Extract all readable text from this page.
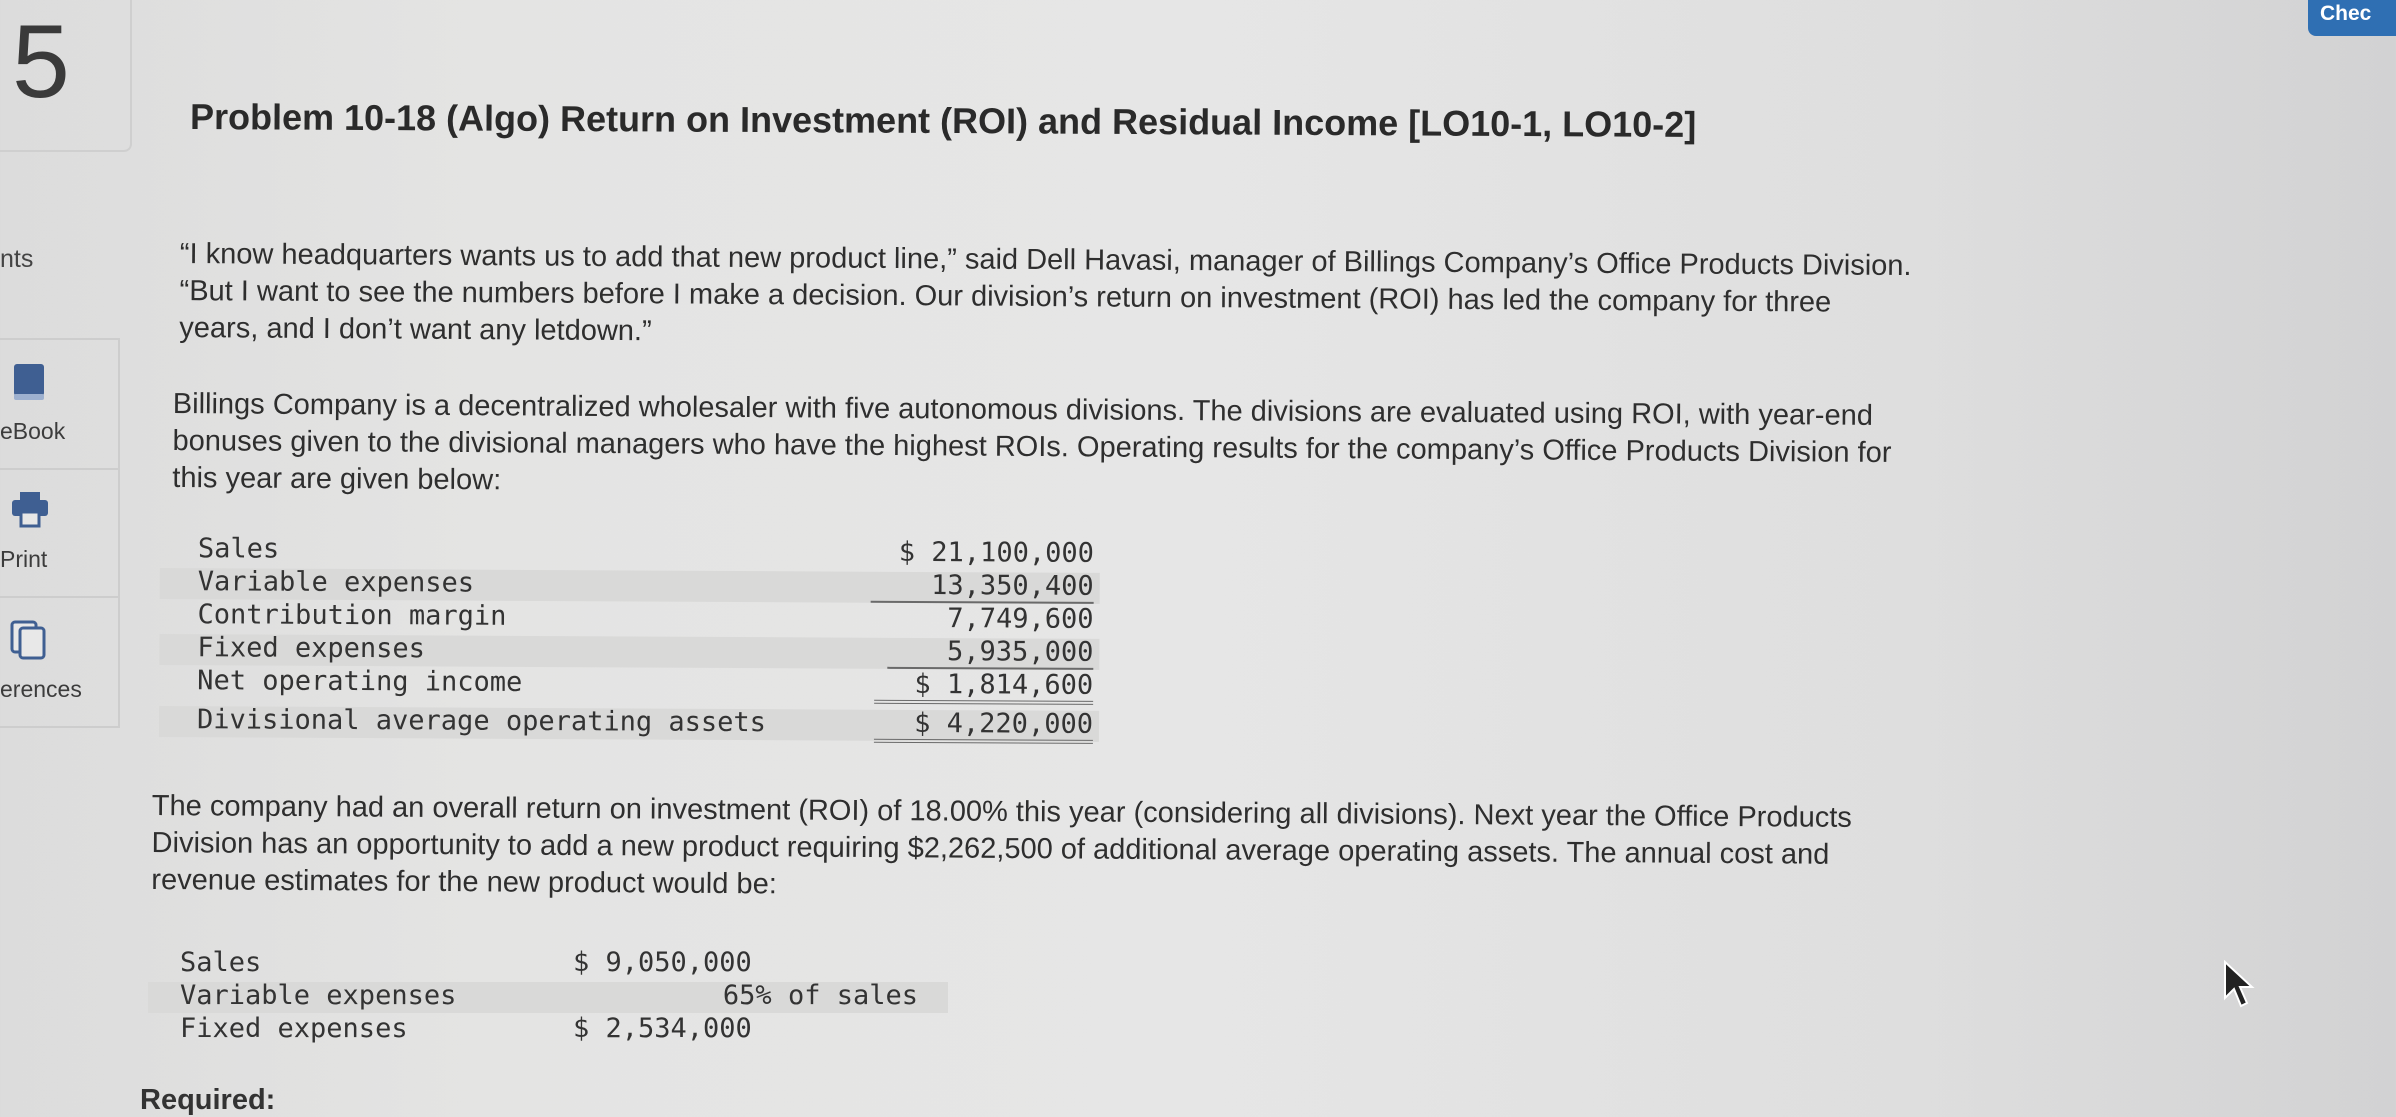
5
nts
eBook
Print
erences
Chec
Problem 10-18 (Algo) Return on Investment (ROI) and Residual Income [LO10-1, LO10-2]

“I know headquarters wants us to add that new product line,” said Dell Havasi, manager of Billings Company’s Office Products Division.

“But I want to see the numbers before I make a decision. Our division’s return on investment (ROI) has led the company for three

years, and I don’t want any letdown.”

Billings Company is a decentralized wholesaler with five autonomous divisions. The divisions are evaluated using ROI, with year-end

bonuses given to the divisional managers who have the highest ROIs. Operating results for the company’s Office Products Division for

this year are given below:

Sales	$ 21,100,000
Variable expenses	13,350,400
Contribution margin	7,749,600
Fixed expenses	5,935,000
Net operating income	$ 1,814,600
Divisional average operating assets	$ 4,220,000

The company had an overall return on investment (ROI) of 18.00% this year (considering all divisions). Next year the Office Products

Division has an opportunity to add a new product requiring $2,262,500 of additional average operating assets. The annual cost and

revenue estimates for the new product would be:

Sales	$ 9,050,000
Variable expenses	65% of sales
Fixed expenses	$ 2,534,000
Required:
